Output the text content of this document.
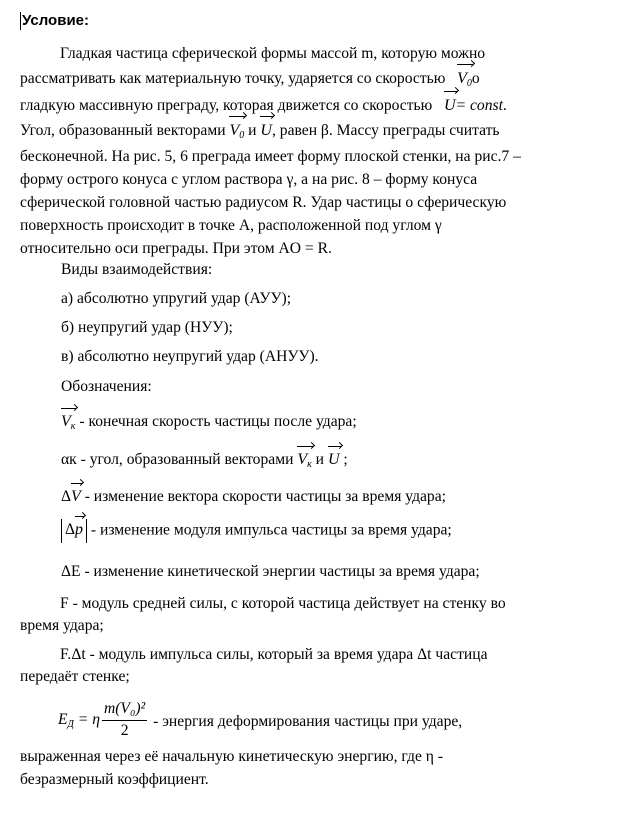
Условие:

Гладкая частица сферической формы массой m, которую можно

рассматривать как материальную точку, ударяется со скоростью $V_0о$

гладкую массивную преграду, которая движется со скоростью U= const.

Угол, образованный векторами $V_0$ и U, равен β. Массу преграды считать

бесконечной. На рис. 5, 6 преграда имеет форму плоской стенки, на рис.7 –

форму острого конуса с углом раствора γ, а на рис. 8 – форму конуса

сферической головной частью радиусом R. Удар частицы о сферическую

поверхность происходит в точке A, расположенной под углом γ

относительно оси преграды. При этом AO = R.

Виды взаимодействия:

а) абсолютно упругий удар (АУУ);

б) неупругий удар (НУУ);

в) абсолютно неупругий удар (АНУУ).

Обозначения:

$V_к$ - конечная скорость частицы после удара;

αк - угол, образованный векторами $V_к$ и U ;

ΔV - изменение вектора скорости частицы за время удара;

Δp - изменение модуля импульса частицы за время удара;

ΔE - изменение кинетической энергии частицы за время удара;

F - модуль средней силы, с которой частица действует на стенку во

время удара;

F.Δt - модуль импульса силы, который за время удара Δt частица

передаёт стенке;

$E_Д = \eta \frac{\text{m(V₀)²}}{2}$ - энергия деформирования частицы при ударе,

выраженная через её начальную кинетическую энергию, где η -

безразмерный коэффициент.
